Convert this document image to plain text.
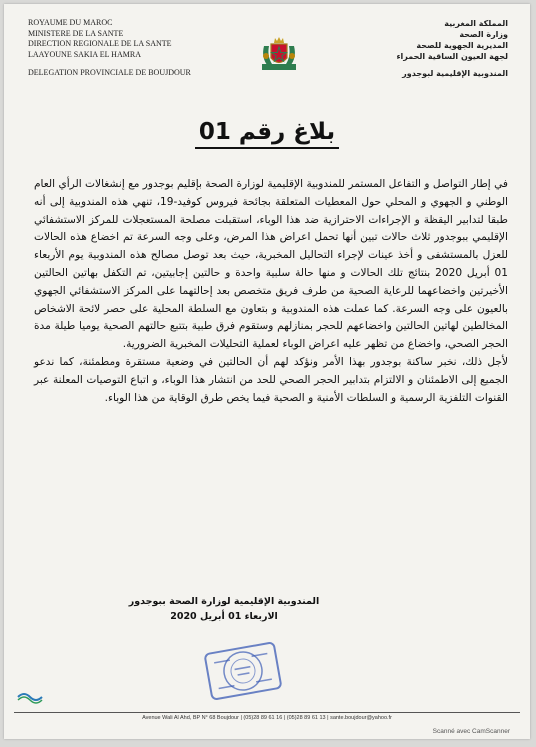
ROYAUME DU MAROC
MINISTERE DE LA SANTE
DIRECTION REGIONALE DE LA SANTE
LAAYOUNE SAKIA EL HAMRA
DELEGATION PROVINCIALE DE BOUJDOUR
المملكة المغربية
وزارة الصحة
المديرية الجهوية للصحة
لجهة العيون الساقية الحمراء
المندوبية الإقليمية لبوجدور
بلاغ رقم 01

في إطار التواصل و التفاعل المستمر للمندوبية الإقليمية لوزارة الصحة بإقليم بوجدور مع إنشغالات الرأي العام الوطني و الجهوي و المحلي حول المعطيات المتعلقة بجائحة فيروس كوفيد-19، تنهي هذه المندوبية إلى أنه طبقا لتدابير اليقظة و الإجراءات الاحترازية ضد هذا الوباء، استقبلت مصلحة المستعجلات للمركز الاستشفائي الإقليمي ببوجدور ثلاث حالات تبين أنها تحمل اعراض هذا المرض، وعلى وجه السرعة تم اخضاع هذه الحالات للعزل بالمستشفى و أخذ عينات لإجراء التحاليل المخبرية، حيث بعد توصل مصالح هذه المندوبية يوم الأربعاء 01 أبريل 2020 بنتائج تلك الحالات و منها حالة سلبية واحدة و حالتين إجابيتين، تم التكفل بهاتين الحالتين الأخيرتين واخضاعهما للرعاية الصحية من طرف فريق متخصص بعد إحالتهما على المركز الاستشفائي الجهوي بالعيون على وجه السرعة. كما عملت هذه المندوبية و بتعاون مع السلطة المحلية على حصر لائحة الاشخاص المخالطين لهاتين الحالتين واخضاعهم للحجر بمنازلهم وستقوم فرق طبية بتتبع حالتهم الصحية يوميا طيلة مدة الحجر الصحي، واخضاع من تظهر عليه اعراض الوباء لعملية التحليلات المخبرية الضرورية.

لأجل ذلك، نخبر ساكنة بوجدور بهذا الأمر ونؤكد لهم أن الحالتين في وضعية مستقرة ومطمئنة، كما ندعو الجميع إلى الاطمئنان و الالتزام بتدابير الحجر الصحي للحد من انتشار هذا الوباء، و اتباع التوصيات المعلنة عبر القنوات التلفزية الرسمية و السلطات الأمنية و الصحية فيما يخص طرق الوقاية من هذا الوباء.

المندوبية الإقليمية لوزارة الصحة ببوجدور
الاربعاء 01 أبريل 2020
Avenue Wali Al Ahd, BP N° 68 Boujdour | (05)28 89 61 16 | (05)28 89 61 13 | sante.boujdour@yahoo.fr
Scanné avec CamScanner
